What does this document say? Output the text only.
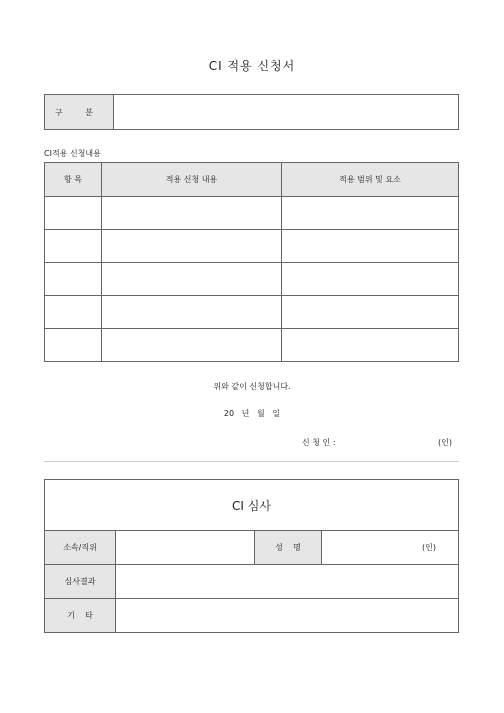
CI 적용 신청서
구 분	
CI적용 신청내용
항 목	적용 신청 내용	적용 범위 및 요소

위와 같이 신청합니다.
20   년   월   일
신 청 인 :	(인)
CI 심사			
소속/직위		성    명	(인)
심사결과			
기    타			
